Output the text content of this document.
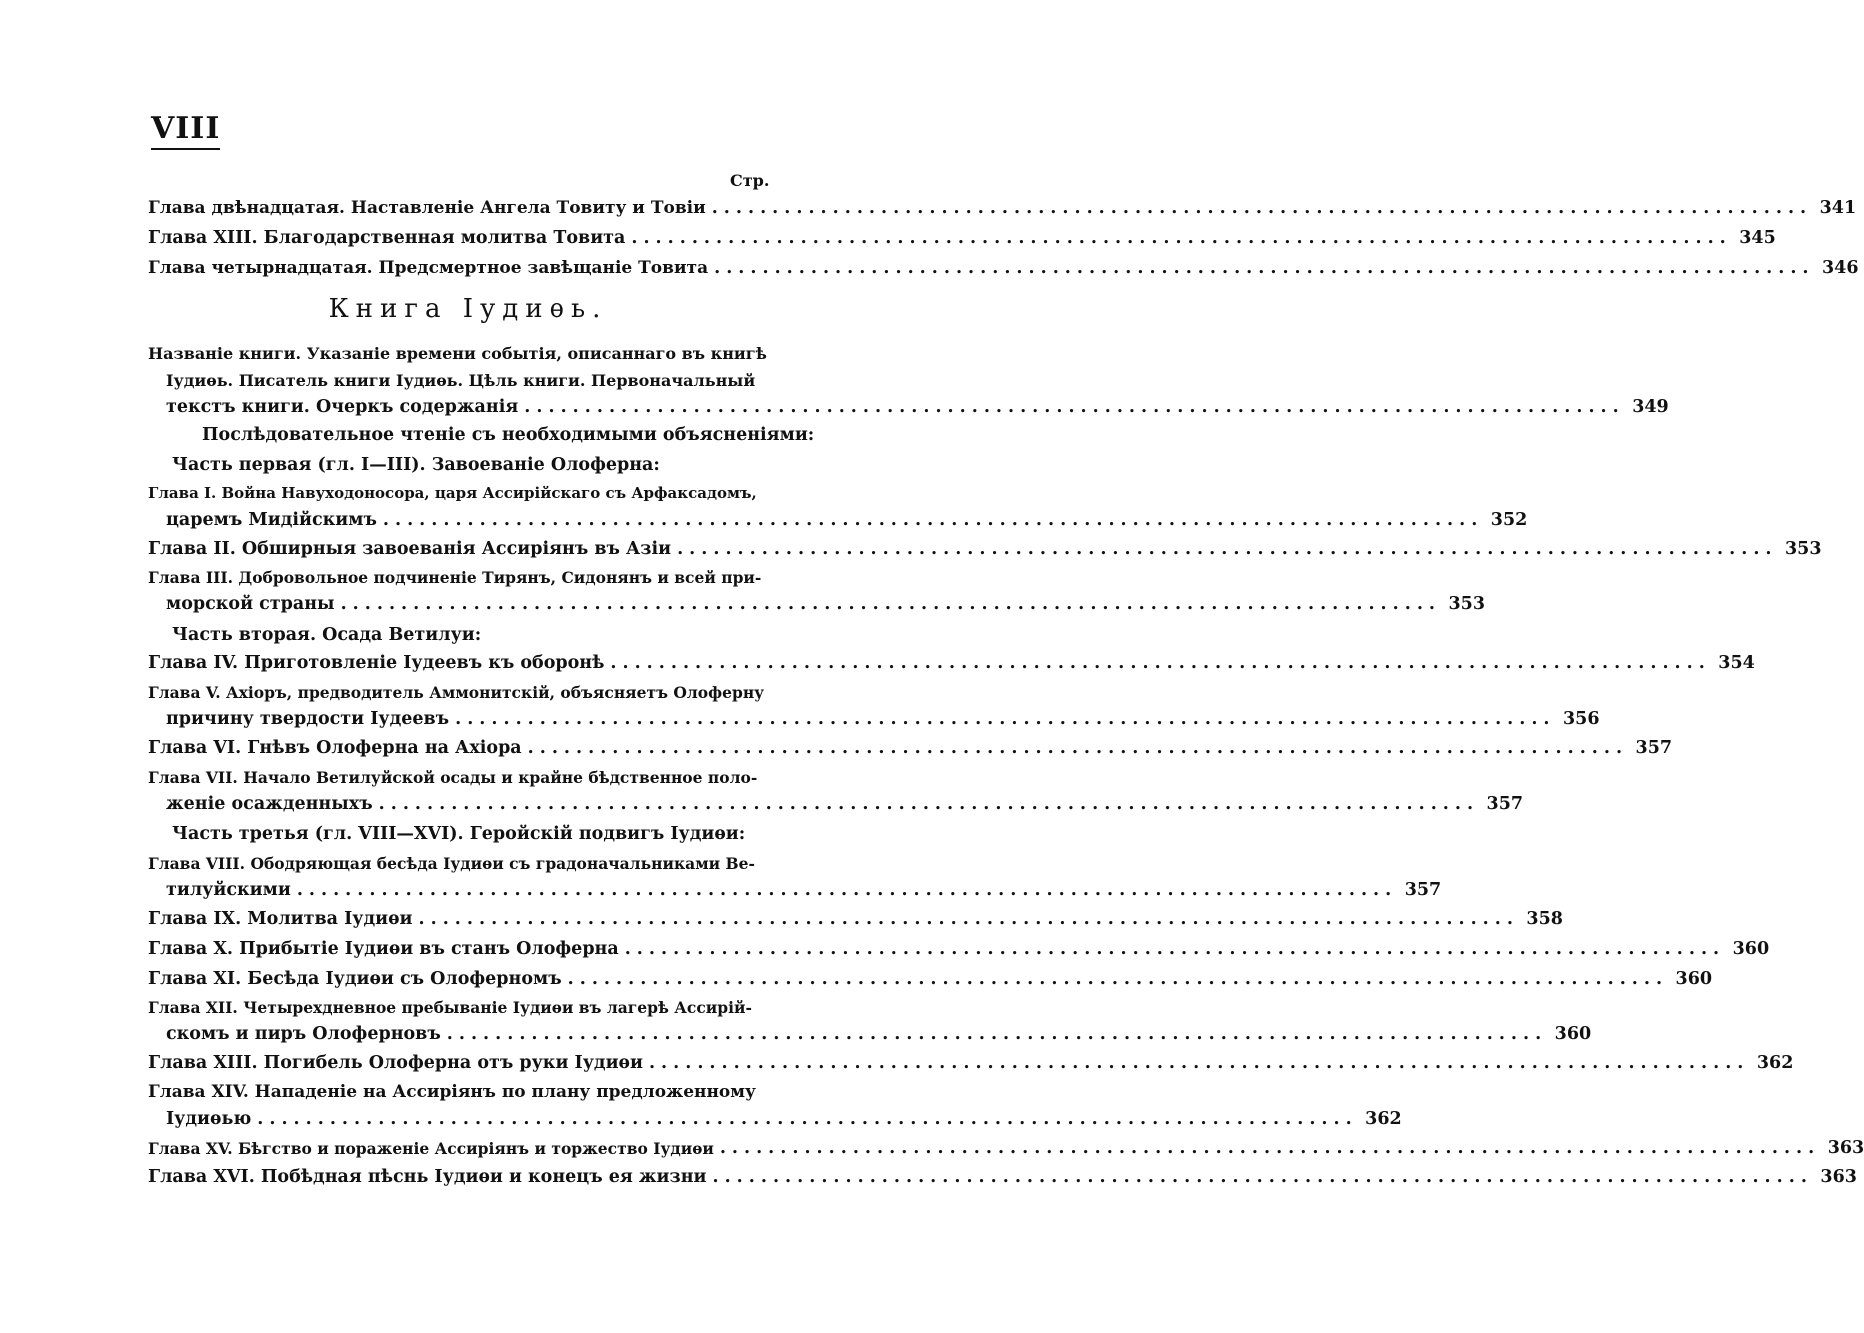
VIII
Стр.
Глава двѣнадцатая. Наставленіе Ангела Товиту и Товіи ........................................................................................... 341
Глава XIII. Благодарственная молитва Товита ........................................................................................... 345
Глава четырнадцатая. Предсмертное завѣщаніе Товита ........................................................................................... 346
Книга Іудиѳь.
Названіе книги. Указаніе времени событія, описаннаго въ книгѣ
Іудиѳь. Писатель книги Іудиѳь. Цѣль книги. Первоначальный
текстъ книги. Очеркъ содержанія ........................................................................................... 349
Послѣдовательное чтеніе съ необходимыми объясненіями:
Часть первая (гл. I—III). Завоеваніе Олоферна:
Глава I. Война Навуходоносора, царя Ассирійскаго съ Арфаксадомъ,
царемъ Мидійскимъ ........................................................................................... 352
Глава II. Обширныя завоеванія Ассиріянъ въ Азіи ........................................................................................... 353
Глава III. Добровольное подчиненіе Тирянъ, Сидонянъ и всей при-
морской страны ........................................................................................... 353
Часть вторая. Осада Ветилуи:
Глава IV. Приготовленіе Іудеевъ къ оборонѣ ........................................................................................... 354
Глава V. Ахіоръ, предводитель Аммонитскій, объясняетъ Олоферну
причину твердости Іудеевъ ........................................................................................... 356
Глава VI. Гнѣвъ Олоферна на Ахіора ........................................................................................... 357
Глава VII. Начало Ветилуйской осады и крайне бѣдственное поло-
женіе осажденныхъ ........................................................................................... 357
Часть третья (гл. VIII—XVI). Геройскій подвигъ Іудиѳи:
Глава VIII. Ободряющая бесѣда Іудиѳи съ градоначальниками Ве-
тилуйскими ........................................................................................... 357
Глава IX. Молитва Іудиѳи ........................................................................................... 358
Глава X. Прибытіе Іудиѳи въ станъ Олоферна ........................................................................................... 360
Глава XI. Бесѣда Іудиѳи съ Олоферномъ ........................................................................................... 360
Глава XII. Четырехдневное пребываніе Іудиѳи въ лагерѣ Ассирій-
скомъ и пиръ Олоферновъ ........................................................................................... 360
Глава XIII. Погибель Олоферна отъ руки Іудиѳи ........................................................................................... 362
Глава XIV. Нападеніе на Ассиріянъ по плану предложенному
Іудиѳью ........................................................................................... 362
Глава XV. Бѣгство и пораженіе Ассиріянъ и торжество Іудиѳи ........................................................................................... 363
Глава XVI. Побѣдная пѣснь Іудиѳи и конецъ ея жизни ........................................................................................... 363
